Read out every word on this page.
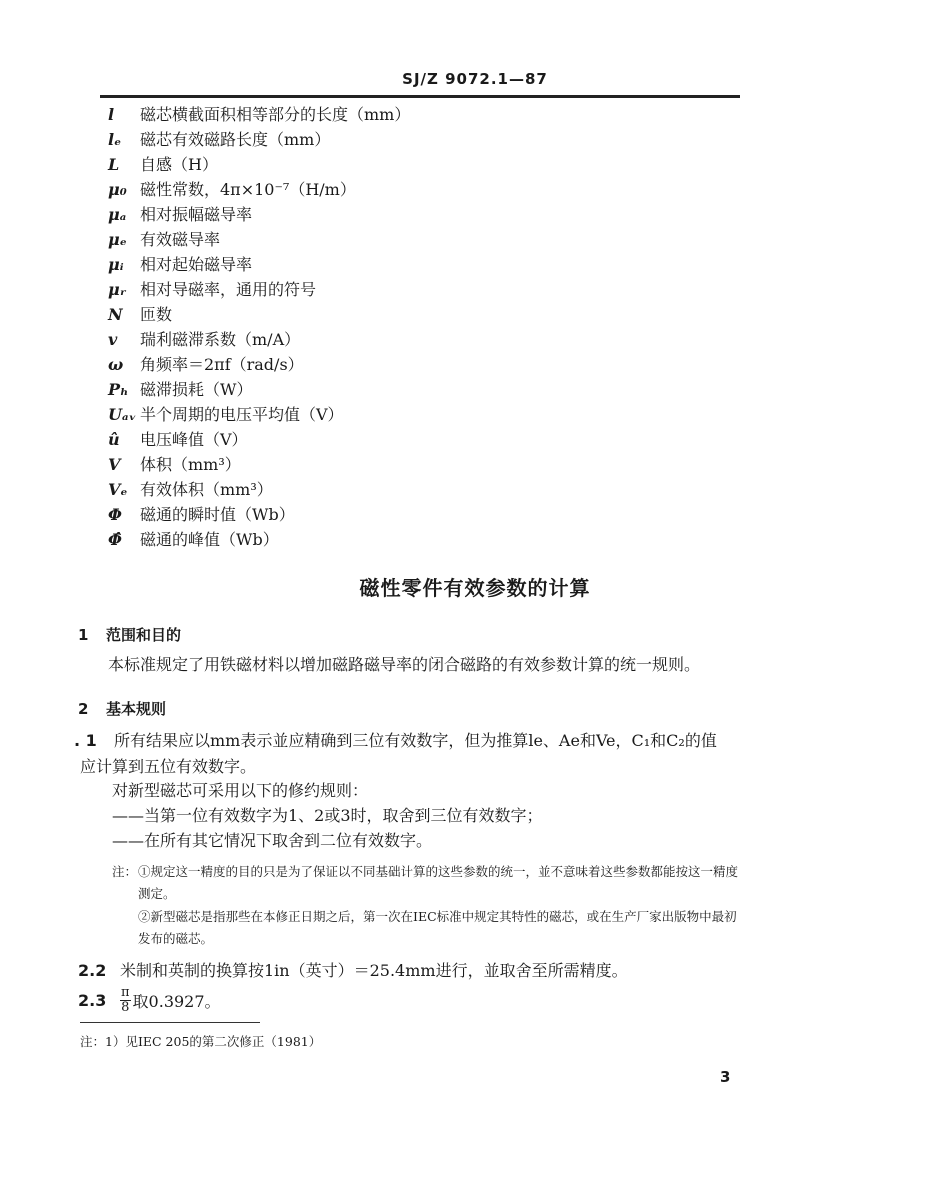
SJ/Z 9072.1—87
l 磁芯横截面积相等部分的长度（mm）
lₑ 磁芯有效磁路长度（mm）
L 自感（H）
μ₀ 磁性常数，4π×10⁻⁷（H/m）
μₐ 相对振幅磁导率
μₑ 有效磁导率
μᵢ 相对起始磁导率
μᵣ 相对导磁率，通用的符号
N 匝数
v 瑞利磁滞系数（m/A）
ω 角频率＝2πf（rad/s）
Pₕ 磁滞损耗（W）
Uₐᵥ 半个周期的电压平均值（V）
û 电压峰值（V）
V 体积（mm³）
Vₑ 有效体积（mm³）
Φ 磁通的瞬时值（Wb）
Φ̂ 磁通的峰值（Wb）
磁性零件有效参数的计算
1 范围和目的
本标准规定了用铁磁材料以增加磁路磁导率的闭合磁路的有效参数计算的统一规则。
2 基本规则
. 1 所有结果应以mm表示並应精确到三位有效数字，但为推算le、Ae和Ve，C₁和C₂的值
应计算到五位有效数字。
对新型磁芯可采用以下的修约规则：
——当第一位有效数字为1、2或3时，取舍到三位有效数字；
——在所有其它情况下取舍到二位有效数字。
注：①规定这一精度的目的只是为了保证以不同基础计算的这些参数的统一，並不意味着这些参数都能按这一精度
测定。
②新型磁芯是指那些在本修正日期之后，第一次在IEC标准中规定其特性的磁芯，或在生产厂家出版物中最初
发布的磁芯。
2.2 米制和英制的换算按1in（英寸）＝25.4mm进行，並取舍至所需精度。
$2.3 \frac{\pi}{8}$ 取0.3927。
注：1）见IEC 205的第二次修正（1981）
3
